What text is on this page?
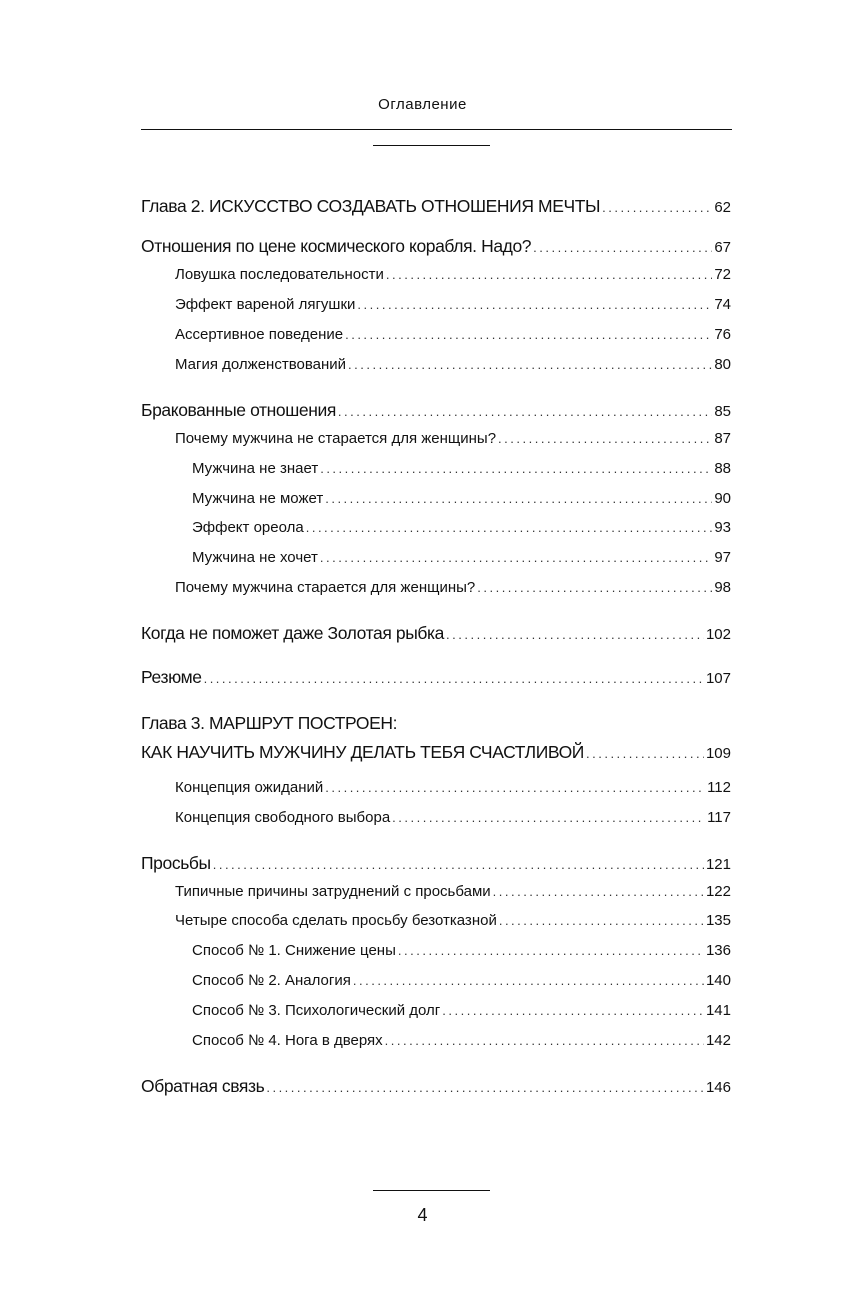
Оглавление
Глава 2. ИСКУССТВО СОЗДАВАТЬ ОТНОШЕНИЯ МЕЧТЫ .....	62
Отношения по цене космического корабля. Надо? .....	67
Ловушка последовательности .....	72
Эффект вареной лягушки .....	74
Ассертивное поведение .....	76
Магия долженствований .....	80
Бракованные отношения .....	85
Почему мужчина не старается для женщины? .....	87
Мужчина не знает .....	88
Мужчина не может .....	90
Эффект ореола .....	93
Мужчина не хочет .....	97
Почему мужчина старается для женщины? .....	98
Когда не поможет даже Золотая рыбка .....	102
Резюме .....	107
Глава 3. МАРШРУТ ПОСТРОЕН:
КАК НАУЧИТЬ МУЖЧИНУ ДЕЛАТЬ ТЕБЯ СЧАСТЛИВОЙ .....	109
Концепция ожиданий .....	112
Концепция свободного выбора .....	117
Просьбы .....	121
Типичные причины затруднений с просьбами .....	122
Четыре способа сделать просьбу безотказной .....	135
Способ № 1. Снижение цены .....	136
Способ № 2. Аналогия .....	140
Способ № 3. Психологический долг .....	141
Способ № 4. Нога в дверях .....	142
Обратная связь .....	146
4
